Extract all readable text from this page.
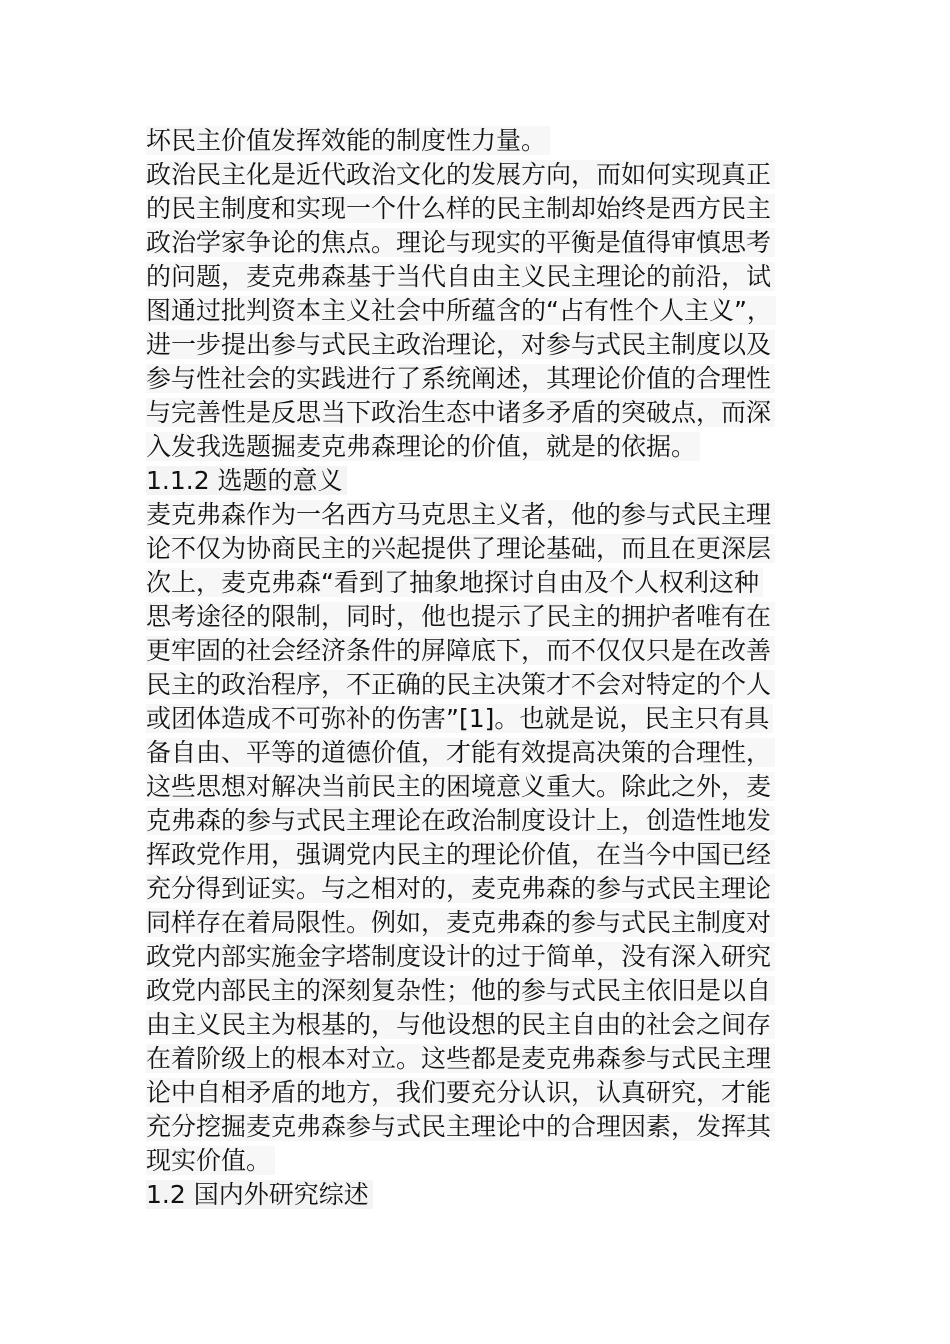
坏民主价值发挥效能的制度性力量。
政治民主化是近代政治文化的发展方向，而如何实现真正
的民主制度和实现一个什么样的民主制却始终是西方民主
政治学家争论的焦点。理论与现实的平衡是值得审慎思考
的问题，麦克弗森基于当代自由主义民主理论的前沿，试
图通过批判资本主义社会中所蕴含的“占有性个人主义”，
进一步提出参与式民主政治理论，对参与式民主制度以及
参与性社会的实践进行了系统阐述，其理论价值的合理性
与完善性是反思当下政治生态中诸多矛盾的突破点，而深
入发我选题掘麦克弗森理论的价值，就是的依据。
1.1.2 选题的意义
麦克弗森作为一名西方马克思主义者，他的参与式民主理
论不仅为协商民主的兴起提供了理论基础，而且在更深层
次上，麦克弗森“看到了抽象地探讨自由及个人权利这种
思考途径的限制，同时，他也提示了民主的拥护者唯有在
更牢固的社会经济条件的屏障底下，而不仅仅只是在改善
民主的政治程序，不正确的民主决策才不会对特定的个人
或团体造成不可弥补的伤害”[1]。也就是说，民主只有具
备自由、平等的道德价值，才能有效提高决策的合理性，
这些思想对解决当前民主的困境意义重大。除此之外，麦
克弗森的参与式民主理论在政治制度设计上，创造性地发
挥政党作用，强调党内民主的理论价值，在当今中国已经
充分得到证实。与之相对的，麦克弗森的参与式民主理论
同样存在着局限性。例如，麦克弗森的参与式民主制度对
政党内部实施金字塔制度设计的过于简单，没有深入研究
政党内部民主的深刻复杂性；他的参与式民主依旧是以自
由主义民主为根基的，与他设想的民主自由的社会之间存
在着阶级上的根本对立。这些都是麦克弗森参与式民主理
论中自相矛盾的地方，我们要充分认识，认真研究，才能
充分挖掘麦克弗森参与式民主理论中的合理因素，发挥其
现实价值。
1.2 国内外研究综述
